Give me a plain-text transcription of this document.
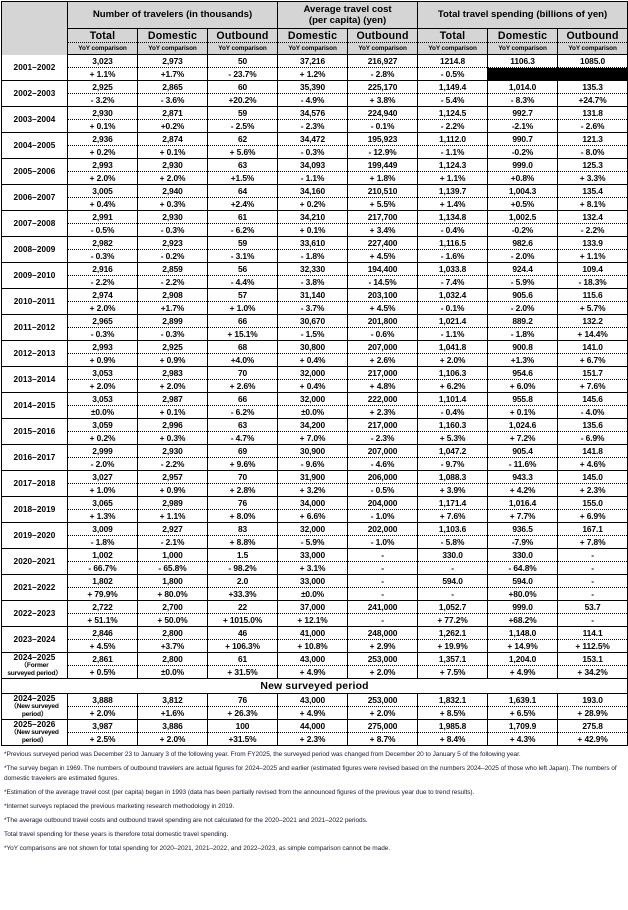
	Number of travelers (in thousands)			Average travel cost
(per capita) (yen)		Total travel spending (billions of yen)		

	Total	Domestic	Outbound	Domestic	Outbound	Total	Domestic	Outbound
	YoY comparison	YoY comparison	YoY comparison	YoY comparison	YoY comparison	YoY comparison	YoY comparison	YoY comparison
2001–2002	3,023	2,973	50	37,216	216,927	1214.8	1106.3	1085.0
	+ 1.1%	+1.7%	- 23.7%	+ 1.2%	- 2.8%	- 0.5%		
2002–2003	2,925	2,865	60	35,390	225,170	1,149.4	1,014.0	135.3
	- 3.2%	- 3.6%	+20.2%	- 4.9%	+ 3.8%	- 5.4%	- 8.3%	+24.7%
2003–2004	2,930	2,871	59	34,576	224,940	1,124.5	992.7	131.8
	+ 0.1%	+0.2%	- 2.5%	- 2.3%	- 0.1%	- 2.2%	-2.1%	- 2.6%
2004–2005	2,936	2,874	62	34,472	195,923	1,112.0	990.7	121.3
	+ 0.2%	+ 0.1%	+ 5.6%	- 0.3%	- 12.9%	- 1.1%	-0.2%	- 8.0%
2005–2006	2,993	2,930	63	34,093	199,449	1,124.3	999.0	125.3
	+ 2.0%	+ 2.0%	+1.5%	- 1.1%	+ 1.8%	+ 1.1%	+0.8%	+ 3.3%
2006–2007	3,005	2,940	64	34,160	210,510	1,139.7	1,004.3	135.4
	+ 0.4%	+ 0.3%	+2.4%	+ 0.2%	+ 5.5%	+ 1.4%	+0.5%	+ 8.1%
2007–2008	2,991	2,930	61	34,210	217,700	1,134.8	1,002.5	132.4
	- 0.5%	- 0.3%	- 6.2%	+ 0.1%	+ 3.4%	- 0.4%	-0.2%	- 2.2%
2008–2009	2,982	2,923	59	33,610	227,400	1,116.5	982.6	133.9
	- 0.3%	- 0.2%	- 3.1%	- 1.8%	+ 4.5%	- 1.6%	- 2.0%	+ 1.1%
2009–2010	2,916	2,859	56	32,330	194,400	1,033.8	924.4	109.4
	- 2.2%	- 2.2%	- 4.4%	- 3.8%	- 14.5%	- 7.4%	- 5.9%	- 18.3%
2010–2011	2,974	2,908	57	31,140	203,100	1,032.4	905.6	115.6
	+ 2.0%	+1.7%	+ 1.0%	- 3.7%	+ 4.5%	- 0.1%	- 2.0%	+ 5.7%
2011–2012	2,965	2,899	66	30,670	201,800	1,021.4	889.2	132.2
	- 0.3%	- 0.3%	+ 15.1%	- 1.5%	- 0.6%	- 1.1%	- 1.8%	+ 14.4%
2012–2013	2,993	2,925	68	30,800	207,000	1,041.8	900.8	141.0
	+ 0.9%	+ 0.9%	+4.0%	+ 0.4%	+ 2.6%	+ 2.0%	+1.3%	+ 6.7%
2013–2014	3,053	2,983	70	32,000	217,000	1,106.3	954.6	151.7
	+ 2.0%	+ 2.0%	+ 2.6%	+ 0.4%	+ 4.8%	+ 6.2%	+ 6.0%	+ 7.6%
2014–2015	3,053	2,987	66	32,000	222,000	1,101.4	955.8	145.6
	±0.0%	+ 0.1%	- 6.2%	±0.0%	+ 2.3%	- 0.4%	+ 0.1%	- 4.0%
2015–2016	3,059	2,996	63	34,200	217,000	1,160.3	1,024.6	135.6
	+ 0.2%	+ 0.3%	- 4.7%	+ 7.0%	- 2.3%	+ 5.3%	+ 7.2%	- 6.9%
2016–2017	2,999	2,930	69	30,900	207,000	1,047.2	905.4	141.8
	- 2.0%	- 2.2%	+ 9.6%	- 9.6%	- 4.6%	- 9.7%	- 11.6%	+ 4.6%
2017–2018	3,027	2,957	70	31,900	206,000	1,088.3	943.3	145.0
	+ 1.0%	+ 0.9%	+ 2.8%	+ 3.2%	- 0.5%	+ 3.9%	+ 4.2%	+ 2.3%
2018–2019	3,065	2,989	76	34,000	204,000	1,171.4	1,016.4	155.0
	+ 1.3%	+ 1.1%	+ 8.0%	+ 6.6%	- 1.0%	+ 7.6%	+ 7.7%	+ 6.9%
2019–2020	3,009	2,927	83	32,000	202,000	1,103.6	936.5	167.1
	- 1.8%	- 2.1%	+ 8.8%	- 5.9%	- 1.0%	- 5.8%	-7.9%	+ 7.8%
2020–2021	1,002	1,000	1.5	33,000	-	330.0	330.0	-
	- 66.7%	- 65.8%	- 98.2%	+ 3.1%	-	-	- 64.8%	-
2021–2022	1,802	1,800	2.0	33,000	-	594.0	594.0	-
	+ 79.9%	+ 80.0%	+33.3%	±0.0%	-	-	+80.0%	-
2022–2023	2,722	2,700	22	37,000	241,000	1,052.7	999.0	53.7
	+ 51.1%	+ 50.0%	+ 1015.0%	+ 12.1%	-	+ 77.2%	+68.2%	-
2023–2024	2,846	2,800	46	41,000	248,000	1,262.1	1,148.0	114.1
	+ 4.5%	+3.7%	+ 106.3%	+ 10.8%	+ 2.9%	+ 19.9%	+ 14.9%	+ 112.5%
2024–2025
（Former
surveyed period）	2,861	2,800	61	43,000	253,000	1,357.1	1,204.0	153.1
	+ 0.5%	±0.0%	+ 31.5%	+ 4.9%	+ 2.0%	+ 7.5%	+ 4.9%	+ 34.2%
New surveyed period								
2024–2025
（New surveyed
period）	3,888	3,812	76	43,000	253,000	1,832.1	1,639.1	193.0
	+ 2.0%	+1.6%	+ 26.3%	+ 4.9%	+ 2.0%	+ 8.5%	+ 6.5%	+ 28.9%
2025–2026
（New surveyed
period）	3,987	3,886	100	44,000	275,000	1,985.8	1,709.9	275.8
	+ 2.5%	+ 2.0%	+31.5%	+ 2.3%	+ 8.7%	+ 8.4%	+ 4.3%	+ 42.9%
*Previous surveyed period was December 23 to January 3 of the following year. From FY2025, the surveyed period was changed from December 20 to January 5 of the following year.
*The survey began in 1969. The numbers of outbound travelers are actual figures for 2024–2025 and earlier (estimated figures were revised based on the numbers 2024–2025 of those who left Japan). The numbers of domestic travelers are estimated figures.
*Estimation of the average travel cost (per capita) began in 1993 (data has been partially revised from the announced figures of the previous year due to trend results).
*Internet surveys replaced the previous marketing research methodology in 2019.
*The average outbound travel costs and outbound travel spending are not calculated for the 2020–2021 and 2021–2022 periods.
Total travel spending for these years is therefore total domestic travel spending.
*YoY comparisons are not shown for total spending for 2020–2021, 2021–2022, and 2022–2023, as simple comparison cannot be made.
